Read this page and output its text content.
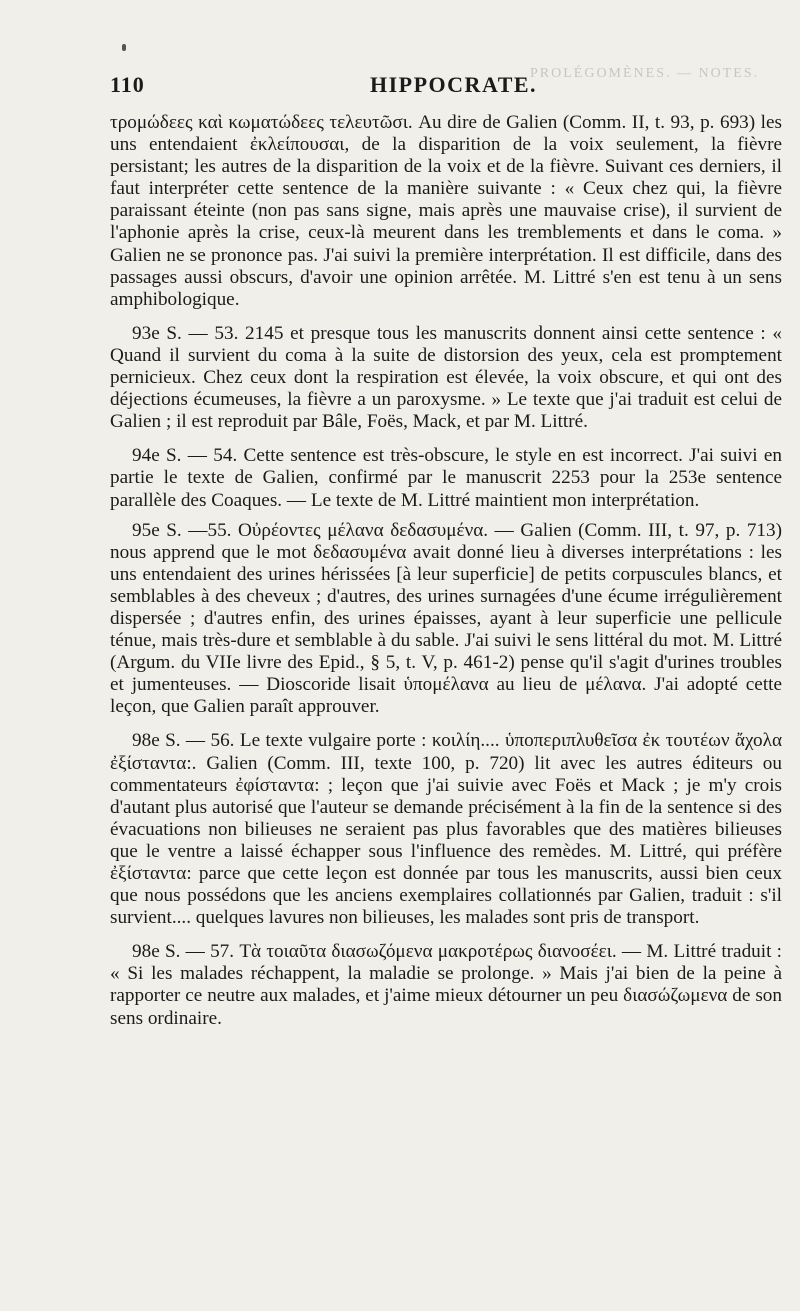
110	HIPPOCRATE.
PROLÉGOMÈNES. — NOTES.

τρομώδεες καὶ κωματώδεες τελευτῶσι. Au dire de Galien (Comm. II, t. 93, p. 693) les uns entendaient ἐκλείπουσαι, de la disparition de la voix seulement, la fièvre persistant; les autres de la disparition de la voix et de la fièvre. Suivant ces derniers, il faut interpréter cette sentence de la manière suivante : « Ceux chez qui, la fièvre paraissant éteinte (non pas sans signe, mais après une mauvaise crise), il survient de l'aphonie après la crise, ceux-là meurent dans les tremblements et dans le coma. » Galien ne se prononce pas. J'ai suivi la première interprétation. Il est difficile, dans des passages aussi obscurs, d'avoir une opinion arrêtée. M. Littré s'en est tenu à un sens amphibologique.

93e S. — 53. 2145 et presque tous les manuscrits donnent ainsi cette sentence : « Quand il survient du coma à la suite de distorsion des yeux, cela est promptement pernicieux. Chez ceux dont la respiration est élevée, la voix obscure, et qui ont des déjections écumeuses, la fièvre a un paroxysme. » Le texte que j'ai traduit est celui de Galien ; il est reproduit par Bâle, Foës, Mack, et par M. Littré.

94e S. — 54. Cette sentence est très-obscure, le style en est incorrect. J'ai suivi en partie le texte de Galien, confirmé par le manuscrit 2253 pour la 253e sentence parallèle des Coaques. — Le texte de M. Littré maintient mon interprétation.

95e S. —55. Οὐρέοντες μέλανα δεδασυμένα. — Galien (Comm. III, t. 97, p. 713) nous apprend que le mot δεδασυμένα avait donné lieu à diverses interprétations : les uns entendaient des urines hérissées [à leur superficie] de petits corpuscules blancs, et semblables à des cheveux ; d'autres, des urines surnagées d'une écume irrégulièrement dispersée ; d'autres enfin, des urines épaisses, ayant à leur superficie une pellicule ténue, mais très-dure et semblable à du sable. J'ai suivi le sens littéral du mot. M. Littré (Argum. du VIIe livre des Epid., § 5, t. V, p. 461-2) pense qu'il s'agit d'urines troubles et jumenteuses. — Dioscoride lisait ὑπομέλανα au lieu de μέλανα. J'ai adopté cette leçon, que Galien paraît approuver.

98e S. — 56. Le texte vulgaire porte : κοιλίη.... ὑποπεριπλυθεῖσα ἐκ τουτέων ἄχολα ἐξίσταντα:. Galien (Comm. III, texte 100, p. 720) lit avec les autres éditeurs ou commentateurs ἐφίσταντα: ; leçon que j'ai suivie avec Foës et Mack ; je m'y crois d'autant plus autorisé que l'auteur se demande précisément à la fin de la sentence si des évacuations non bilieuses ne seraient pas plus favorables que des matières bilieuses que le ventre a laissé échapper sous l'influence des remèdes. M. Littré, qui préfère ἐξίσταντα: parce que cette leçon est donnée par tous les manuscrits, aussi bien ceux que nous possédons que les anciens exemplaires collationnés par Galien, traduit : s'il survient.... quelques lavures non bilieuses, les malades sont pris de transport.

98e S. — 57. Τὰ τοιαῦτα διασωζόμενα μακροτέρως διανοσέει. — M. Littré traduit : « Si les malades réchappent, la maladie se prolonge. » Mais j'ai bien de la peine à rapporter ce neutre aux malades, et j'aime mieux détourner un peu διασώζωμενα de son sens ordinaire.
